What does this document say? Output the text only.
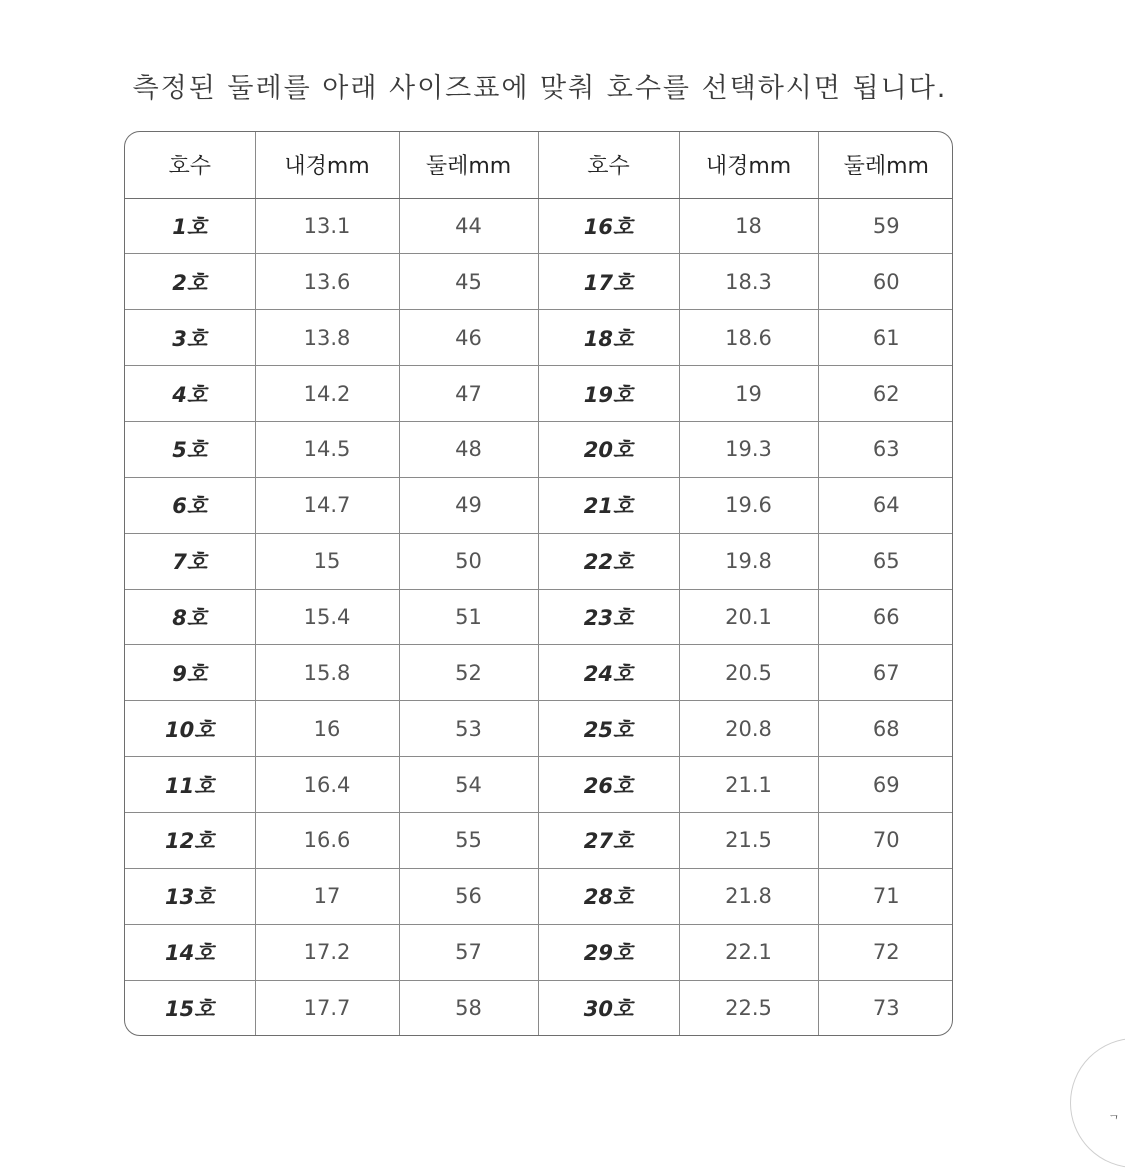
측정된 둘레를 아래 사이즈표에 맞춰 호수를 선택하시면 됩니다.
호수	내경mm	둘레mm	호수	내경mm	둘레mm
1호	13.1	44	16호	18	59
2호	13.6	45	17호	18.3	60
3호	13.8	46	18호	18.6	61
4호	14.2	47	19호	19	62
5호	14.5	48	20호	19.3	63
6호	14.7	49	21호	19.6	64
7호	15	50	22호	19.8	65
8호	15.4	51	23호	20.1	66
9호	15.8	52	24호	20.5	67
10호	16	53	25호	20.8	68
11호	16.4	54	26호	21.1	69
12호	16.6	55	27호	21.5	70
13호	17	56	28호	21.8	71
14호	17.2	57	29호	22.1	72
15호	17.7	58	30호	22.5	73
ᄀ
